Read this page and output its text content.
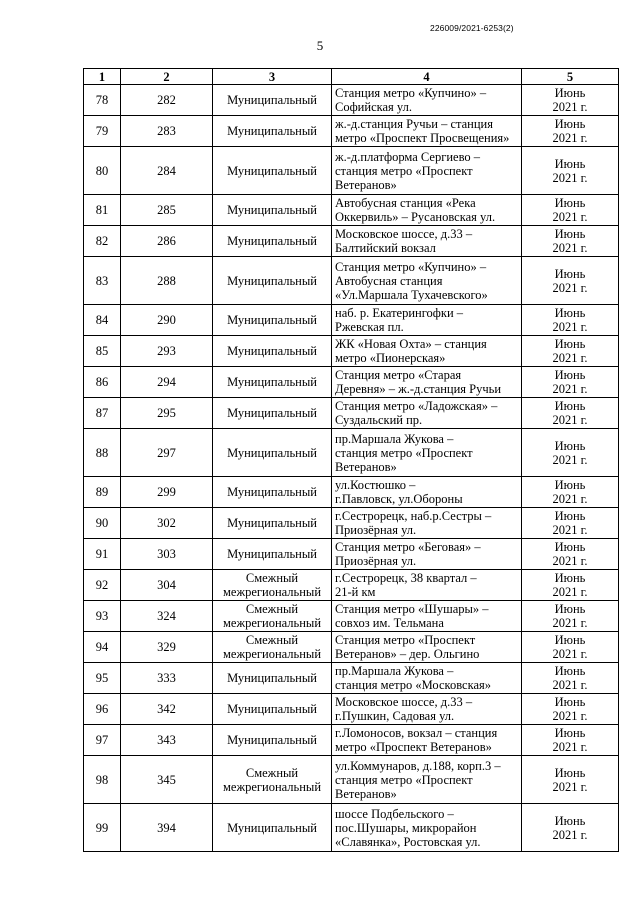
226009/2021-6253(2)
5
1	2	3	4	5
78	282	Муниципальный	Станция метро «Купчино» –
Софийская ул.	Июнь
2021 г.

79	283	Муниципальный	ж.-д.станция Ручьи – станция
метро «Проспект Просвещения»	Июнь
2021 г.

80	284	Муниципальный	ж.-д.платформа Сергиево –
станция метро «Проспект
Ветеранов»	Июнь
2021 г.

81	285	Муниципальный	Автобусная станция «Река
Оккервиль» – Русановская ул.	Июнь
2021 г.

82	286	Муниципальный	Московское шоссе, д.33 –
Балтийский вокзал	Июнь
2021 г.

83	288	Муниципальный	Станция метро «Купчино» –
Автобусная станция
«Ул.Маршала Тухачевского»	Июнь
2021 г.

84	290	Муниципальный	наб. р. Екатерингофки –
Ржевская пл.	Июнь
2021 г.

85	293	Муниципальный	ЖК «Новая Охта» – станция
метро «Пионерская»	Июнь
2021 г.

86	294	Муниципальный	Станция метро «Старая
Деревня» – ж.-д.станция Ручьи	Июнь
2021 г.

87	295	Муниципальный	Станция метро «Ладожская» –
Суздальский пр.	Июнь
2021 г.

88	297	Муниципальный	пр.Маршала Жукова –
станция метро «Проспект
Ветеранов»	Июнь
2021 г.

89	299	Муниципальный	ул.Костюшко –
г.Павловск, ул.Обороны	Июнь
2021 г.

90	302	Муниципальный	г.Сестрорецк, наб.р.Сестры –
Приозёрная ул.	Июнь
2021 г.

91	303	Муниципальный	Станция метро «Беговая» –
Приозёрная ул.	Июнь
2021 г.

92	304	Смежный
межрегиональный	г.Сестрорецк, 38 квартал –
21-й км	Июнь
2021 г.

93	324	Смежный
межрегиональный	Станция метро «Шушары» –
совхоз им. Тельмана	Июнь
2021 г.

94	329	Смежный
межрегиональный	Станция метро «Проспект
Ветеранов» – дер. Ольгино	Июнь
2021 г.

95	333	Муниципальный	пр.Маршала Жукова –
станция метро «Московская»	Июнь
2021 г.

96	342	Муниципальный	Московское шоссе, д.33 –
г.Пушкин, Садовая ул.	Июнь
2021 г.

97	343	Муниципальный	г.Ломоносов, вокзал – станция
метро «Проспект Ветеранов»	Июнь
2021 г.

98	345	Смежный
межрегиональный	ул.Коммунаров, д.188, корп.3 –
станция метро «Проспект
Ветеранов»	Июнь
2021 г.

99	394	Муниципальный	шоссе Подбельского –
пос.Шушары, микрорайон
«Славянка», Ростовская ул.	Июнь
2021 г.
